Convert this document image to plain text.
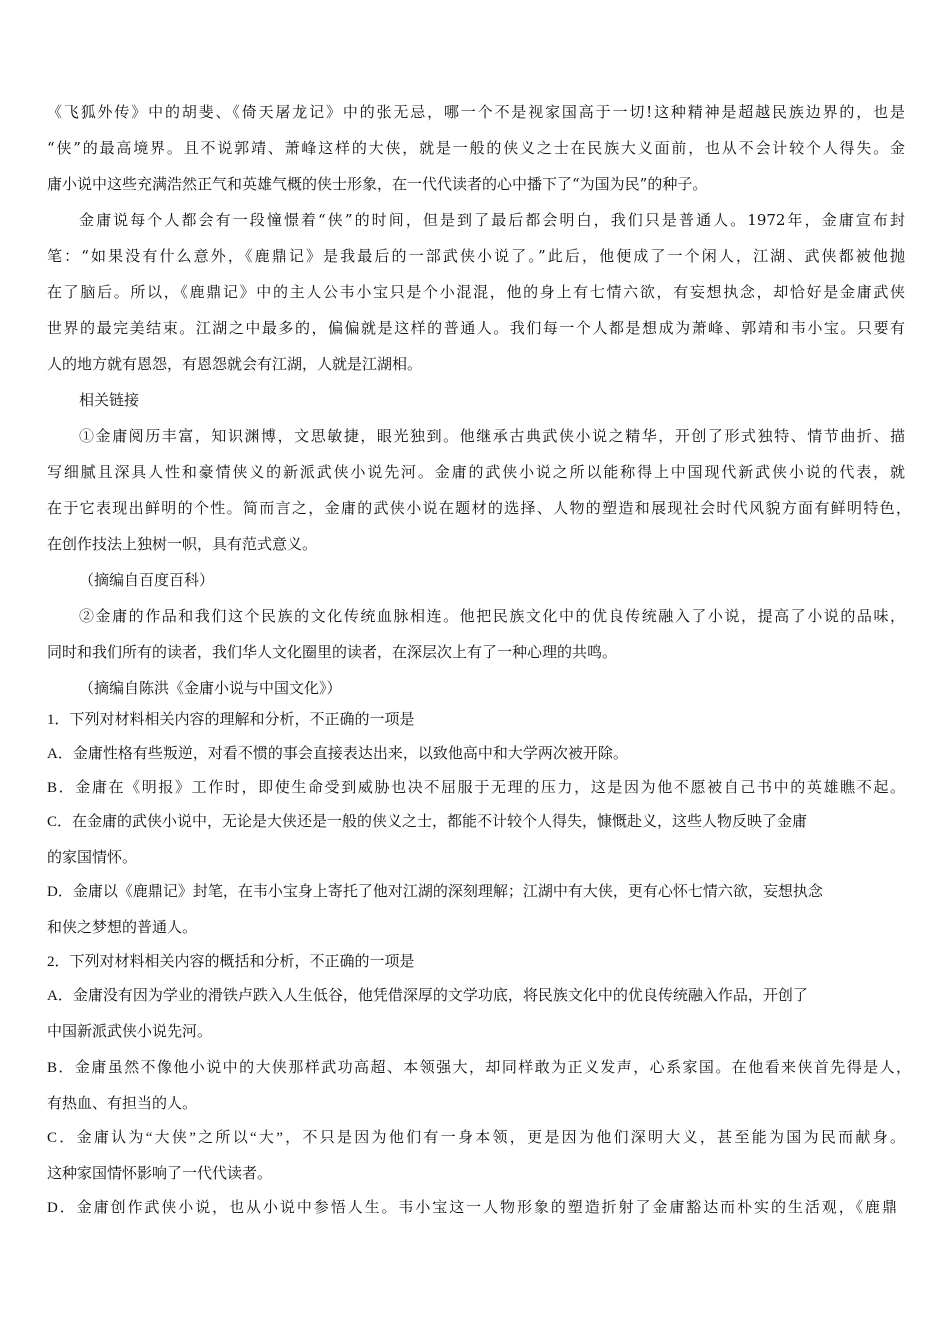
《飞狐外传》中的胡斐、《倚天屠龙记》中的张无忌，哪一个不是视家国高于一切!这种精神是超越民族边界的，也是
“侠”的最高境界。且不说郭靖、萧峰这样的大侠，就是一般的侠义之士在民族大义面前，也从不会计较个人得失。金
庸小说中这些充满浩然正气和英雄气概的侠士形象，在一代代读者的心中播下了“为国为民”的种子。
金庸说每个人都会有一段憧憬着“侠”的时间，但是到了最后都会明白，我们只是普通人。1972年，金庸宣布封
笔：“如果没有什么意外，《鹿鼎记》是我最后的一部武侠小说了。”此后，他便成了一个闲人，江湖、武侠都被他抛
在了脑后。所以，《鹿鼎记》中的主人公韦小宝只是个小混混，他的身上有七情六欲，有妄想执念，却恰好是金庸武侠
世界的最完美结束。江湖之中最多的，偏偏就是这样的普通人。我们每一个人都是想成为萧峰、郭靖和韦小宝。只要有
人的地方就有恩怨，有恩怨就会有江湖，人就是江湖相。
相关链接
①金庸阅历丰富，知识渊博，文思敏捷，眼光独到。他继承古典武侠小说之精华，开创了形式独特、情节曲折、描
写细腻且深具人性和豪情侠义的新派武侠小说先河。金庸的武侠小说之所以能称得上中国现代新武侠小说的代表，就
在于它表现出鲜明的个性。简而言之，金庸的武侠小说在题材的选择、人物的塑造和展现社会时代风貌方面有鲜明特色，
在创作技法上独树一帜，具有范式意义。
（摘编自百度百科）
②金庸的作品和我们这个民族的文化传统血脉相连。他把民族文化中的优良传统融入了小说，提高了小说的品味，
同时和我们所有的读者，我们华人文化圈里的读者，在深层次上有了一种心理的共鸣。
（摘编自陈洪《金庸小说与中国文化》）
1．下列对材料相关内容的理解和分析，不正确的一项是
A．金庸性格有些叛逆，对看不惯的事会直接表达出来，以致他高中和大学两次被开除。
B．金庸在《明报》工作时，即使生命受到威胁也决不屈服于无理的压力，这是因为他不愿被自己书中的英雄瞧不起。
C．在金庸的武侠小说中，无论是大侠还是一般的侠义之士，都能不计较个人得失，慷慨赴义，这些人物反映了金庸
的家国情怀。
D．金庸以《鹿鼎记》封笔，在韦小宝身上寄托了他对江湖的深刻理解；江湖中有大侠，更有心怀七情六欲，妄想执念
和侠之梦想的普通人。
2．下列对材料相关内容的概括和分析，不正确的一项是
A．金庸没有因为学业的滑铁卢跌入人生低谷，他凭借深厚的文学功底，将民族文化中的优良传统融入作品，开创了
中国新派武侠小说先河。
B．金庸虽然不像他小说中的大侠那样武功高超、本领强大，却同样敢为正义发声，心系家国。在他看来侠首先得是人，
有热血、有担当的人。
C．金庸认为“大侠”之所以“大”，不只是因为他们有一身本领，更是因为他们深明大义，甚至能为国为民而献身。
这种家国情怀影响了一代代读者。
D．金庸创作武侠小说，也从小说中参悟人生。韦小宝这一人物形象的塑造折射了金庸豁达而朴实的生活观，《鹿鼎
